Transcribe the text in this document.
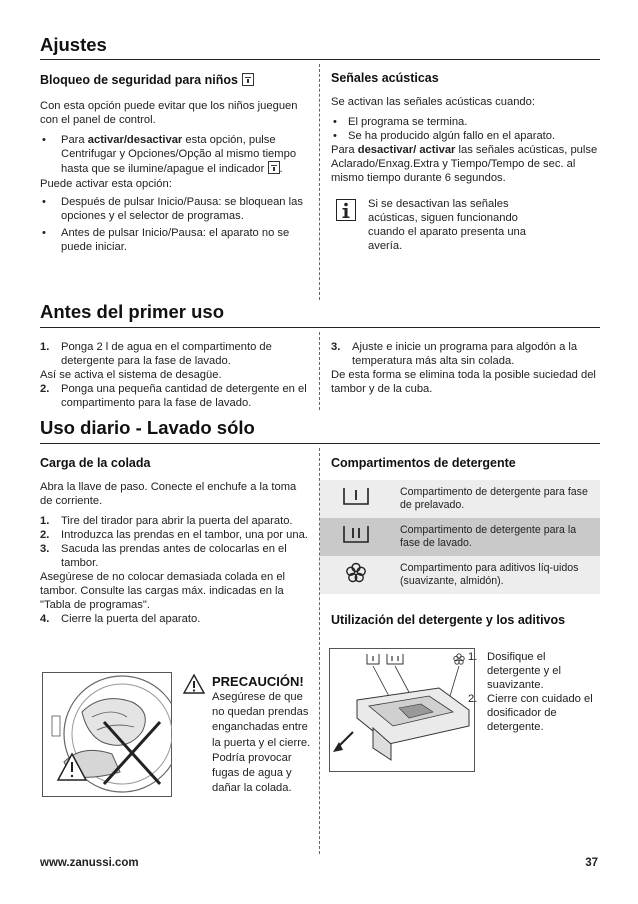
Ajustes
Bloqueo de seguridad para niños
Con esta opción puede evitar que los niños jueguen con el panel de control.
• Para activar/desactivar esta opción, pulse Centrifugar y Opciones/Opção al mismo tiempo hasta que se ilumine/apague el indicador .
Puede activar esta opción:
• Después de pulsar Inicio/Pausa: se bloquean las opciones y el selector de programas.
• Antes de pulsar Inicio/Pausa: el aparato no se puede iniciar.
Señales acústicas
Se activan las señales acústicas cuando:
• El programa se termina.
• Se ha producido algún fallo en el aparato.
Para desactivar/ activar las señales acústicas, pulse Aclarado/Enxag.Extra y Tiempo/Tempo de sec. al mismo tiempo durante 6 segundos.
Si se desactivan las señales acústicas, siguen funcionando cuando el aparato presenta una avería.
Antes del primer uso
1. Ponga 2 l de agua en el compartimento de detergente para la fase de lavado.
Así se activa el sistema de desagüe.
2. Ponga una pequeña cantidad de detergente en el compartimento para la fase de lavado.
3. Ajuste e inicie un programa para algodón a la temperatura más alta sin colada.
De esta forma se elimina toda la posible suciedad del tambor y de la cuba.
Uso diario - Lavado sólo
Carga de la colada
Abra la llave de paso. Conecte el enchufe a la toma de corriente.
1. Tire del tirador para abrir la puerta del aparato.
2. Introduzca las prendas en el tambor, una por una.
3. Sacuda las prendas antes de colocarlas en el tambor.
Asegúrese de no colocar demasiada colada en el tambor. Consulte las cargas máx. indicadas en la "Tabla de programas".
4. Cierre la puerta del aparato.
PRECAUCIÓN!
Asegúrese de que no quedan prendas enganchadas entre la puerta y el cierre. Podría provocar fugas de agua y dañar la colada.
Compartimentos de detergente
	Compartimento de detergente para fase de prelavado.
	Compartimento de detergente para la fase de lavado.
	Compartimento para aditivos líq-uidos (suavizante, almidón).
Utilización del detergente y los aditivos
1. Dosifique el detergente y el suavizante.
2. Cierre con cuidado el dosificador de detergente.
www.zanussi.com	37
